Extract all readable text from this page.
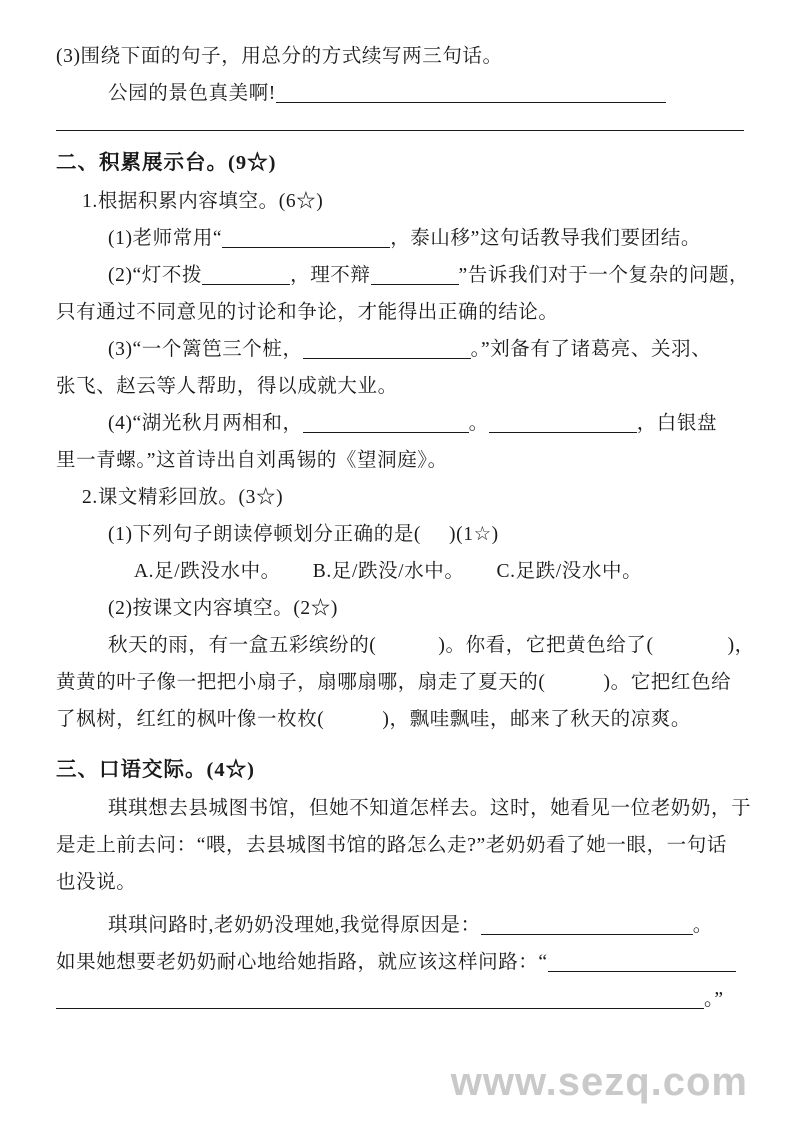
(3)围绕下面的句子，用总分的方式续写两三句话。
公园的景色真美啊!
二、积累展示台。(9☆)
1.根据积累内容填空。(6☆)
(1)老师常用“	，泰山移”这句话教导我们要团结。
(2)“灯不拨	，理不辩	”告诉我们对于一个复杂的问题，
只有通过不同意见的讨论和争论，才能得出正确的结论。
(3)“一个篱笆三个桩，	。”刘备有了诸葛亮、关羽、
张飞、赵云等人帮助，得以成就大业。
(4)“湖光秋月两相和，	。	，白银盘
里一青螺。”这首诗出自刘禹锡的《望洞庭》。
2.课文精彩回放。(3☆)
(1)下列句子朗读停顿划分正确的是( )(1☆)
A.足/跌没水中。 B.足/跌没/水中。 C.足跌/没水中。
(2)按课文内容填空。(2☆)
秋天的雨，有一盒五彩缤纷的(	)。你看，它把黄色给了(	)，
黄黄的叶子像一把把小扇子，扇哪扇哪，扇走了夏天的(	)。它把红色给
了枫树，红红的枫叶像一枚枚(	)，飘哇飘哇，邮来了秋天的凉爽。
三、口语交际。(4☆)
琪琪想去县城图书馆，但她不知道怎样去。这时，她看见一位老奶奶，于
是走上前去问：“喂，去县城图书馆的路怎么走?”老奶奶看了她一眼，一句话
也没说。
琪琪问路时,老奶奶没理她,我觉得原因是：	。
如果她想要老奶奶耐心地给她指路，就应该这样问路：“
。”
www.sezq.com
